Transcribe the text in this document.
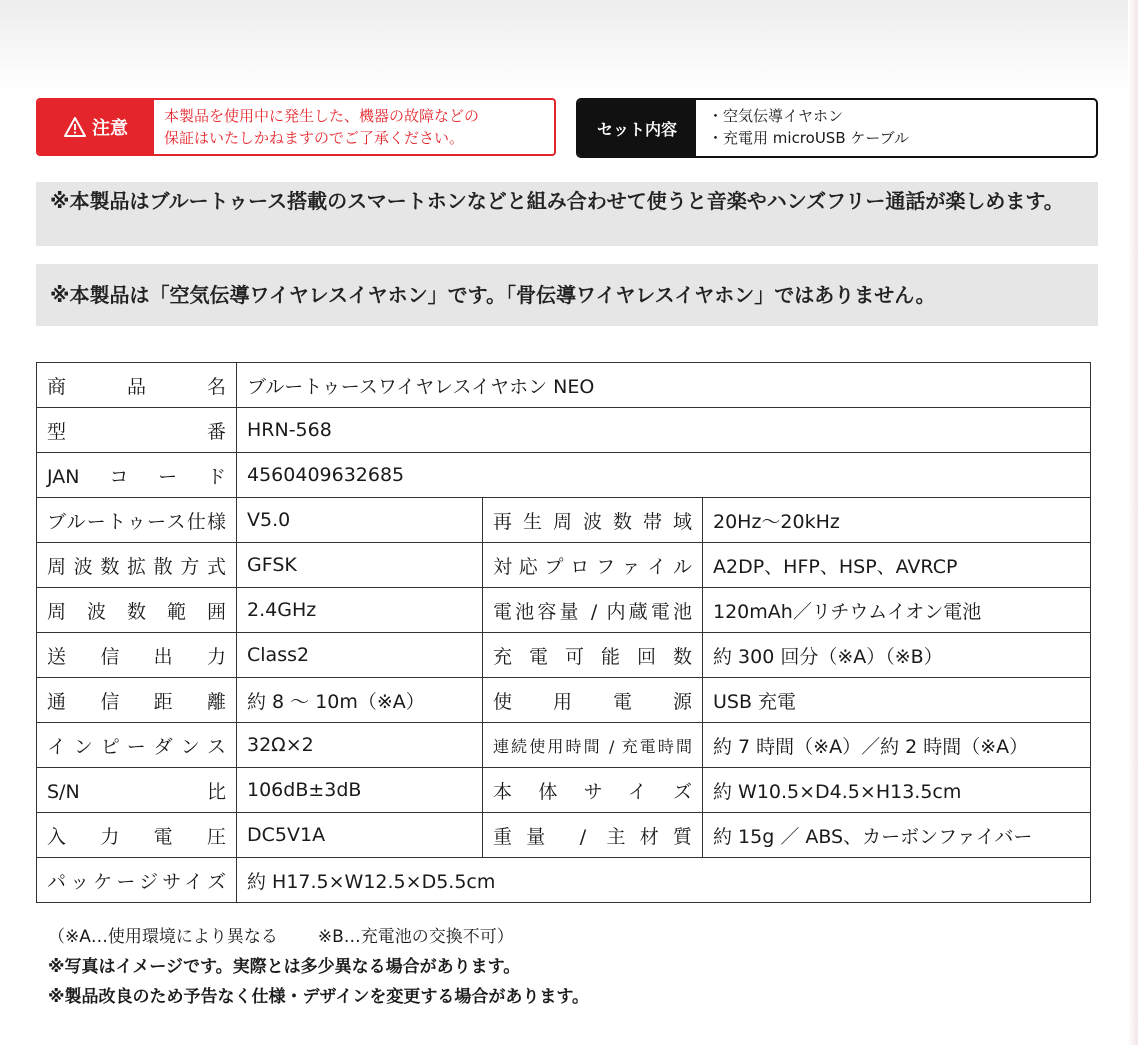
注意
本製品を使用中に発生した、機器の故障などの
保証はいたしかねますのでご了承ください。	セット内容
・ 空気伝導イヤホン
・ 充電用 microUSB ケーブル
※本製品はブルートゥース搭載のスマートホンなどと組み合わせて使うと音楽やハンズフリー通話が楽しめます。
※本製品は「空気伝導ワイヤレスイヤホン」です。「骨伝導ワイヤレスイヤホン」ではありません。
商品名	ブルートゥースワイヤレスイヤホン NEO		
型番	HRN-568		
JANコード	4560409632685		
ブルートゥース仕様	V5.0	再生周波数帯域	20Hz～20kHz
周波数拡散方式	GFSK	対応プロファイル	A2DP、HFP、HSP、AVRCP
周波数範囲	2.4GHz	電池容量 / 内蔵電池	120mAh／リチウムイオン電池
送信出力	Class2	充電可能回数	約 300 回分（※A）（※B）
通信距離	約 8 ～ 10m（※A）	使用電源	USB 充電
インピーダンス	32Ω×2	連続使用時間 / 充電時間	約 7 時間（※A）／約 2 時間（※A）
S/N比	106dB±3dB	本体サイズ	約 W10.5×D4.5×H13.5cm
入力電圧	DC5V1A	重量 / 主材質	約 15g ／ ABS、カーボンファイバー
パッケージサイズ	約 H17.5×W12.5×D5.5cm		
（※A…使用環境により異なる ※B…充電池の交換不可）
※写真はイメージです。実際とは多少異なる場合があります。
※製品改良のため予告なく仕様・デザインを変更する場合があります。
